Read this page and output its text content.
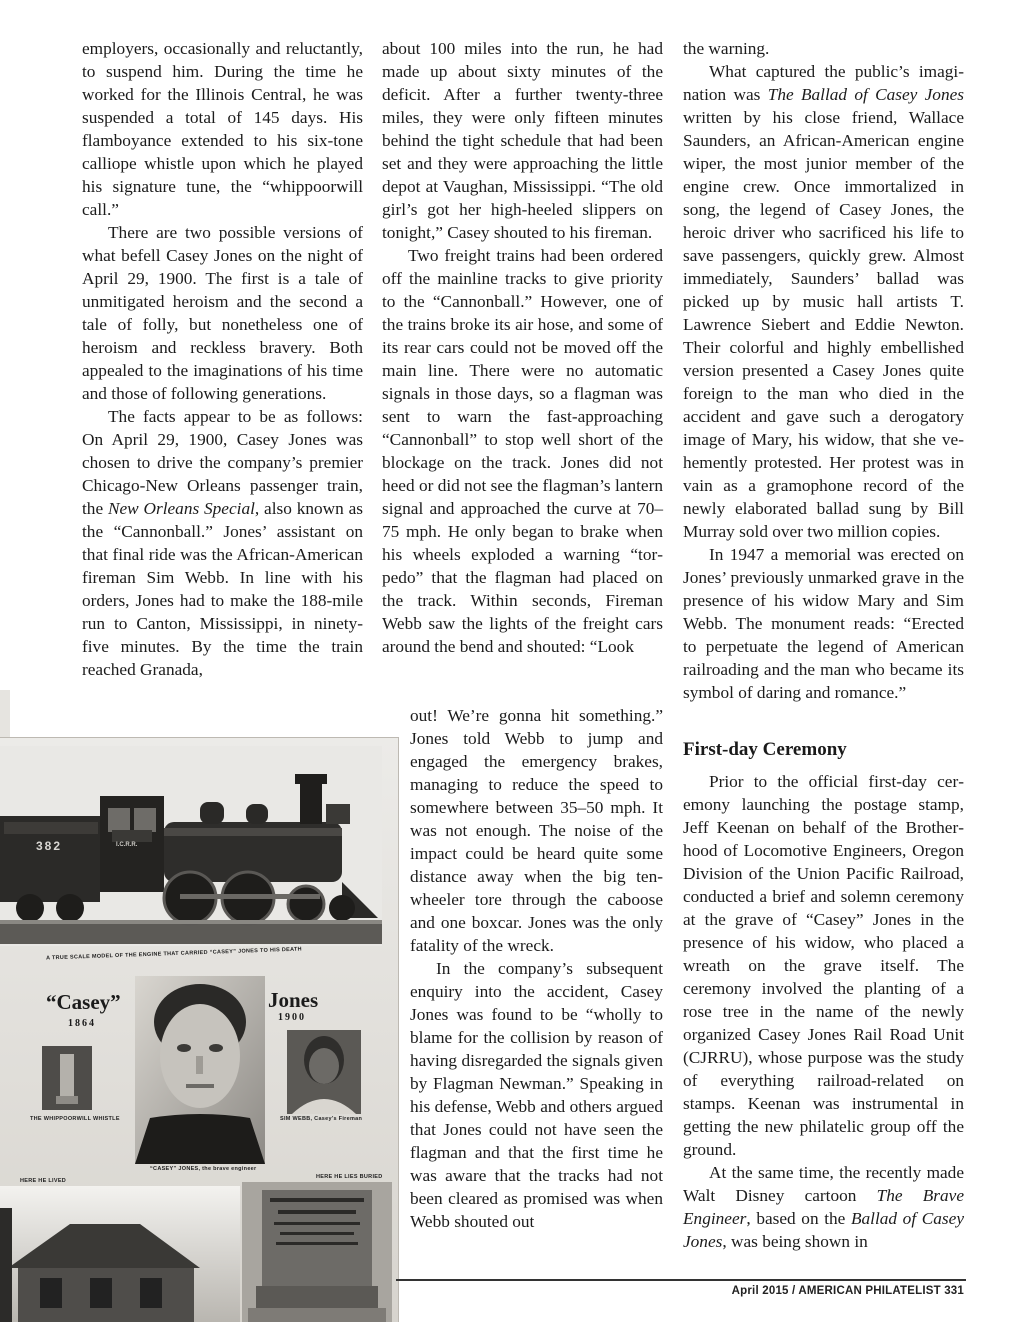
employers, occasionally and reluctantly, to suspend him. During the time he worked for the Illinois Central, he was suspended a total of 145 days. His flamboyance extended to his six-tone calliope whistle upon which he played his signature tune, the “whippoorwill call.”

There are two possible versions of what befell Casey Jones on the night of April 29, 1900. The first is a tale of unmitigated heroism and the second a tale of folly, but nonetheless one of heroism and reckless bravery. Both appealed to the imaginations of his time and those of following generations.

The facts appear to be as follows: On April 29, 1900, Casey Jones was chosen to drive the company’s premier Chicago-New Orleans passenger train, the New Orleans Special, also known as the “Cannonball.” Jones’ assistant on that final ride was the African-American fireman Sim Webb. In line with his orders, Jones had to make the 188-mile run to Canton, Mississippi, in ninety-five minutes. By the time the train reached Granada,

about 100 miles into the run, he had made up about sixty minutes of the deficit. After a further twenty-three miles, they were only fifteen minutes behind the tight schedule that had been set and they were approaching the little depot at Vaughan, Mississippi. “The old girl’s got her high-heeled slippers on tonight,” Casey shouted to his fireman.

Two freight trains had been ordered off the mainline tracks to give priority to the “Cannonball.” However, one of the trains broke its air hose, and some of its rear cars could not be moved off the main line. There were no automatic signals in those days, so a flagman was sent to warn the fast-approaching “Cannonball” to stop well short of the blockage on the track. Jones did not heed or did not see the flagman’s lantern signal and approached the curve at 70–75 mph. He only began to brake when his wheels exploded a warning “torpedo” that the flagman had placed on the track. Within seconds, Fireman Webb saw the lights of the freight cars around the bend and shouted: “Look

out! We’re gonna hit something.” Jones told Webb to jump and engaged the emergency brakes, managing to reduce the speed to somewhere between 35–50 mph. It was not enough. The noise of the impact could be heard quite some distance away when the big ten-wheeler tore through the caboose and one boxcar. Jones was the only fatality of the wreck.

In the company’s subsequent enquiry into the accident, Casey Jones was found to be “wholly to blame for the collision by reason of having disregarded the signals given by Flagman Newman.” Speaking in his defense, Webb and others argued that Jones could not have seen the flagman and that the first time he was aware that the tracks had not been cleared as promised was when Webb shouted out

the warning.

What captured the public’s imagination was The Ballad of Casey Jones written by his close friend, Wallace Saunders, an African-American engine wiper, the most junior member of the engine crew. Once immortalized in song, the legend of Casey Jones, the heroic driver who sacrificed his life to save passengers, quickly grew. Almost immediately, Saunders’ ballad was picked up by music hall artists T. Lawrence Siebert and Eddie Newton. Their colorful and highly embellished version presented a Casey Jones quite foreign to the man who died in the accident and gave such a derogatory image of Mary, his widow, that she vehemently protested. Her protest was in vain as a gramophone record of the newly elaborated ballad sung by Bill Murray sold over two million copies.

In 1947 a memorial was erected on Jones’ previously unmarked grave in the presence of his widow Mary and Sim Webb. The monument reads: “Erected to perpetuate the legend of American railroading and the man who became its symbol of daring and romance.”

First-day Ceremony

Prior to the official first-day ceremony launching the postage stamp, Jeff Keenan on behalf of the Brotherhood of Locomotive Engineers, Oregon Division of the Union Pacific Railroad, conducted a brief and solemn ceremony at the grave of “Casey” Jones in the presence of his widow, who placed a wreath on the grave itself. The ceremony involved the planting of a rose tree in the name of the newly organized Casey Jones Rail Road Unit (CJRRU), whose purpose was the study of everything railroad-related on stamps. Keenan was instrumental in getting the new philatelic group off the ground.

At the same time, the recently made Walt Disney cartoon The Brave Engineer, based on the Ballad of Casey Jones, was being shown in

382	I.C.R.R.
A TRUE SCALE MODEL OF THE ENGINE THAT CARRIED “CASEY” JONES TO HIS DEATH
“Casey”
1864
Jones
1900
THE WHIPPOORWILL WHISTLE	SIM WEBB, Casey’s Fireman
“CASEY” JONES, the brave engineer
HERE HE LIVED
HERE HE LIES BURIED
April 2015 / AMERICAN PHILATELIST 331
